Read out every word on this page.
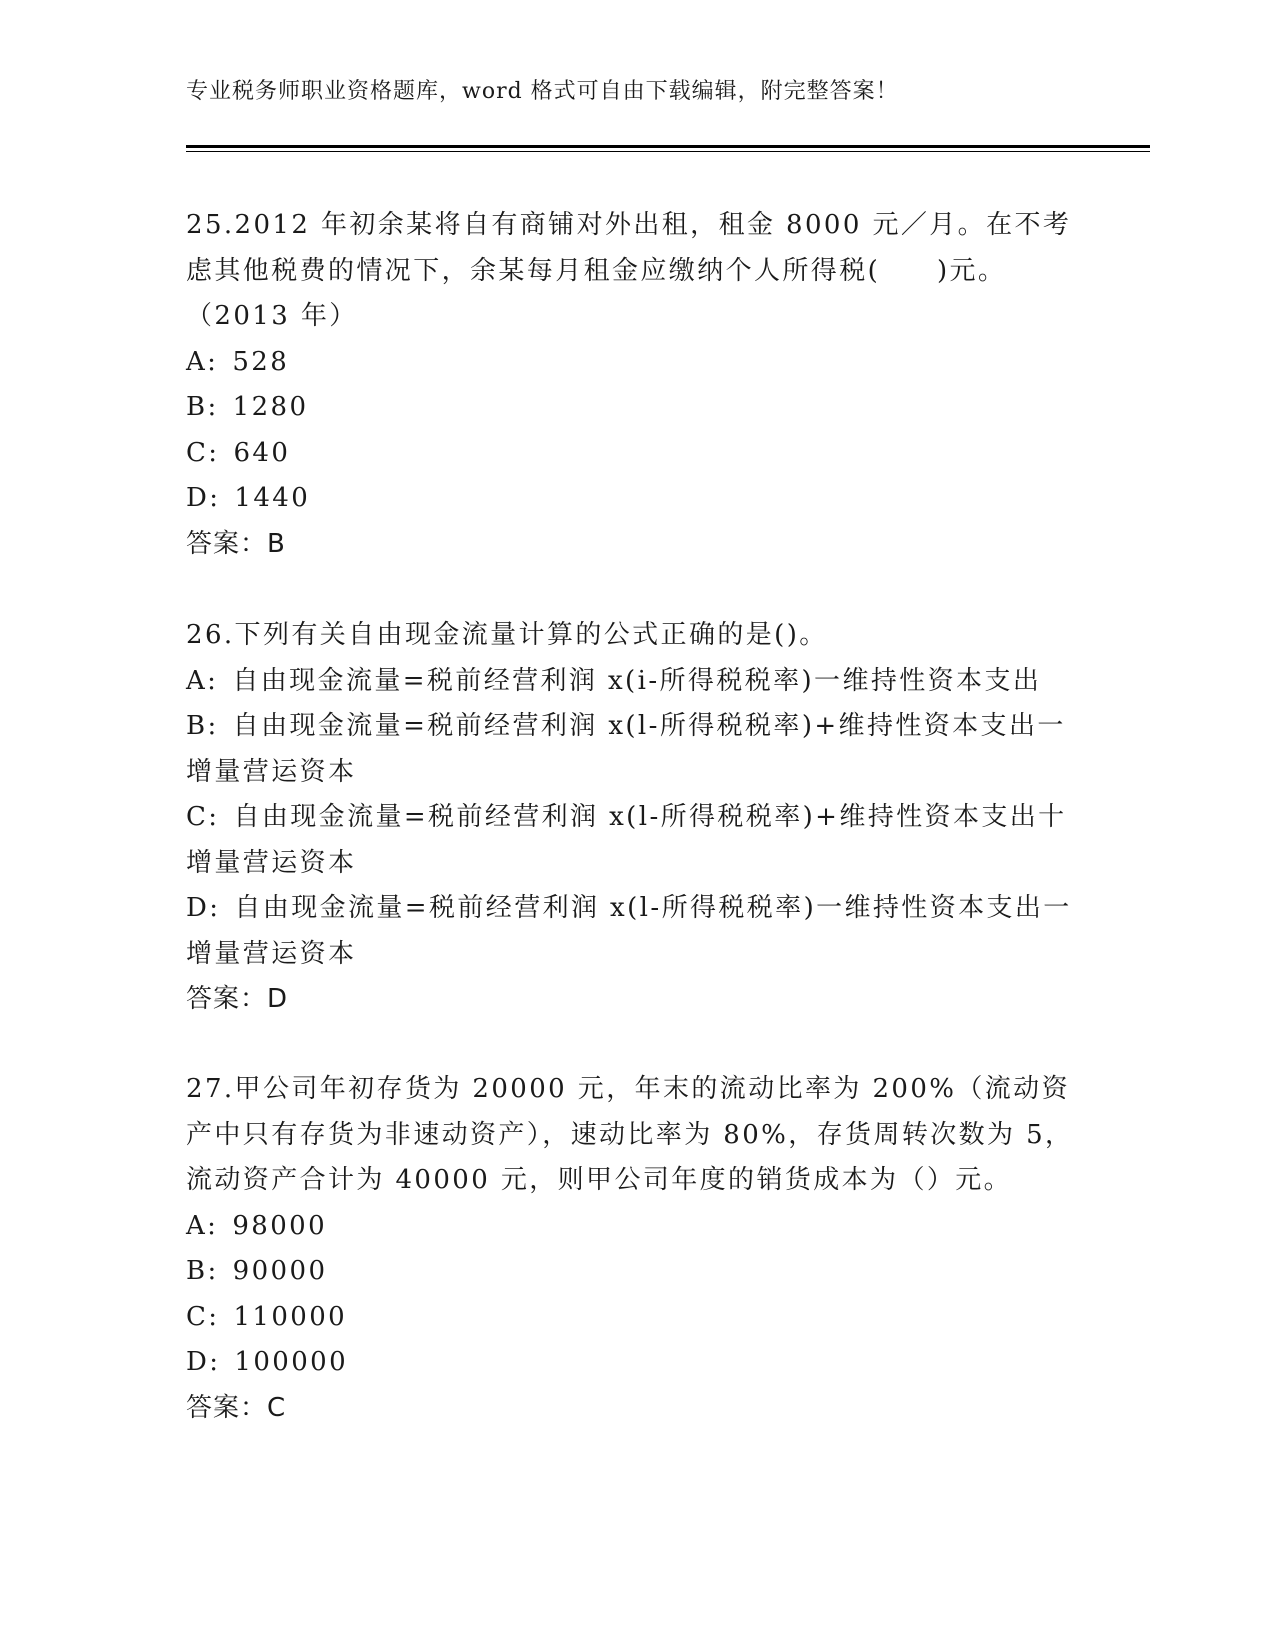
专业税务师职业资格题库，word 格式可自由下载编辑，附完整答案！

25.2012 年初余某将自有商铺对外出租，租金 8000 元／月。在不考虑其他税费的情况下，余某每月租金应缴纳个人所得税(　　)元。（2013 年）

A: 528
B: 1280
C: 640
D: 1440
答案：B

26.下列有关自由现金流量计算的公式正确的是()。

A: 自由现金流量=税前经营利润 x(i-所得税税率)一维持性资本支出
B: 自由现金流量=税前经营利润 x(l-所得税税率)+维持性资本支出一增量营运资本
C: 自由现金流量=税前经营利润 x(l-所得税税率)+维持性资本支出十增量营运资本
D: 自由现金流量=税前经营利润 x(l-所得税税率)一维持性资本支出一增量营运资本
答案：D

27.甲公司年初存货为 20000 元，年末的流动比率为 200%（流动资产中只有存货为非速动资产），速动比率为 80%，存货周转次数为 5，流动资产合计为 40000 元，则甲公司年度的销货成本为（）元。

A: 98000
B: 90000
C: 110000
D: 100000
答案：C
